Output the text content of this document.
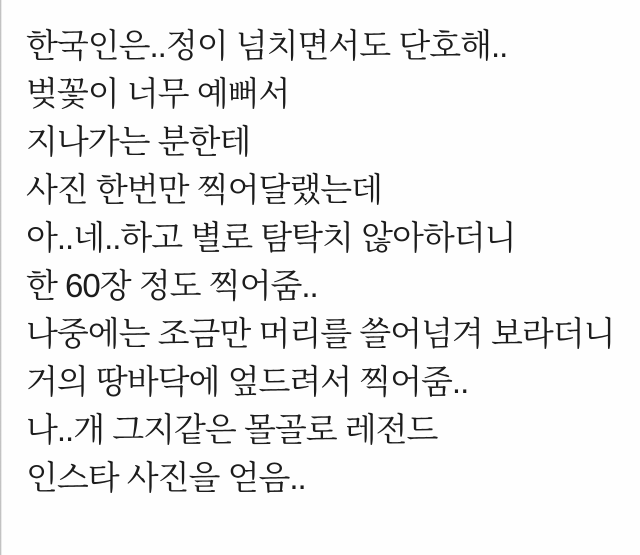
한국인은..정이 넘치면서도 단호해..

벚꽃이 너무 예뻐서

지나가는 분한테

사진 한번만 찍어달랬는데

아..네..하고 별로 탐탁치 않아하더니

한 60장 정도 찍어줌..

나중에는 조금만 머리를 쓸어넘겨 보라더니

거의 땅바닥에 엎드려서 찍어줌..

나..개 그지같은 몰골로 레전드

인스타 사진을 얻음..
